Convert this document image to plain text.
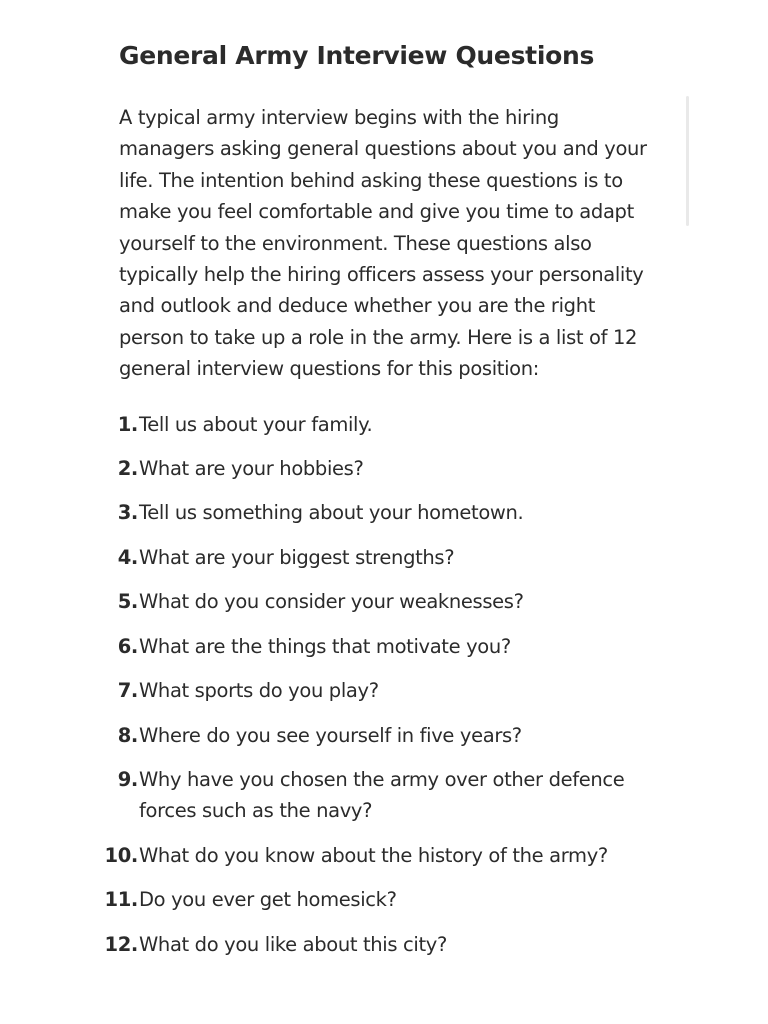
General Army Interview Questions

A typical army interview begins with the hiring managers asking general questions about you and your life. The intention behind asking these questions is to make you feel comfortable and give you time to adapt yourself to the environment. These questions also typically help the hiring officers assess your personality and outlook and deduce whether you are the right person to take up a role in the army. Here is a list of 12 general interview questions for this position:

1. Tell us about your family.
2. What are your hobbies?
3. Tell us something about your hometown.
4. What are your biggest strengths?
5. What do you consider your weaknesses?
6. What are the things that motivate you?
7. What sports do you play?
8. Where do you see yourself in five years?
9. Why have you chosen the army over other defence forces such as the navy?
10. What do you know about the history of the army?
11. Do you ever get homesick?
12. What do you like about this city?
